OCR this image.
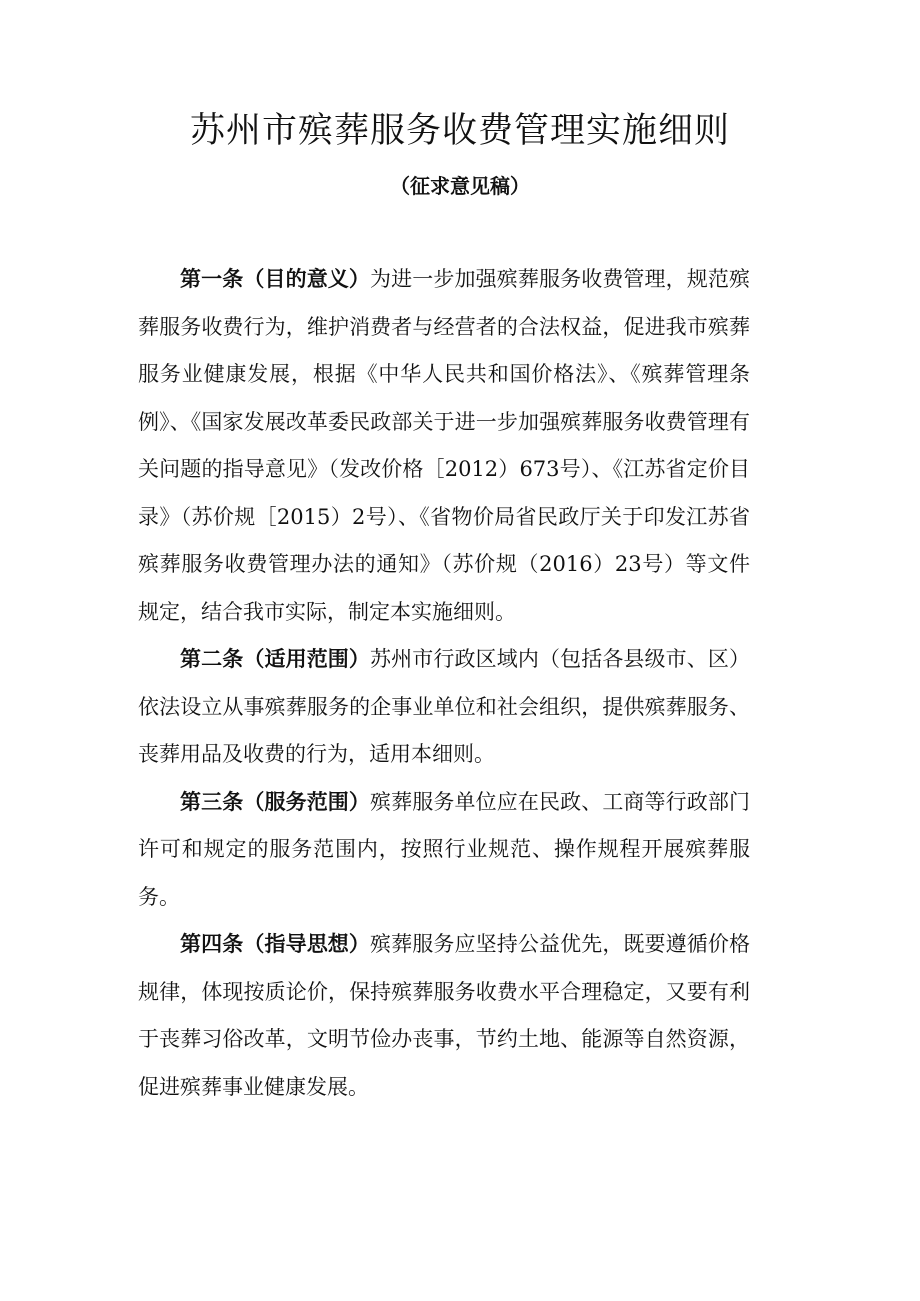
苏州市殡葬服务收费管理实施细则

（征求意见稿）

第一条（目的意义）为进一步加强殡葬服务收费管理，规范殡葬服务收费行为，维护消费者与经营者的合法权益，促进我市殡葬服务业健康发展，根据《中华人民共和国价格法》、《殡葬管理条例》、《国家发展改革委民政部关于进一步加强殡葬服务收费管理有关问题的指导意见》（发改价格［2012）673号）、《江苏省定价目录》（苏价规［2015）2号）、《省物价局省民政厅关于印发江苏省殡葬服务收费管理办法的通知》（苏价规（2016）23号）等文件规定，结合我市实际，制定本实施细则。

第二条（适用范围）苏州市行政区域内（包括各县级市、区）依法设立从事殡葬服务的企事业单位和社会组织，提供殡葬服务、丧葬用品及收费的行为，适用本细则。

第三条（服务范围）殡葬服务单位应在民政、工商等行政部门许可和规定的服务范围内，按照行业规范、操作规程开展殡葬服务。

第四条（指导思想）殡葬服务应坚持公益优先，既要遵循价格规律，体现按质论价，保持殡葬服务收费水平合理稳定，又要有利于丧葬习俗改革，文明节俭办丧事，节约土地、能源等自然资源，促进殡葬事业健康发展。
